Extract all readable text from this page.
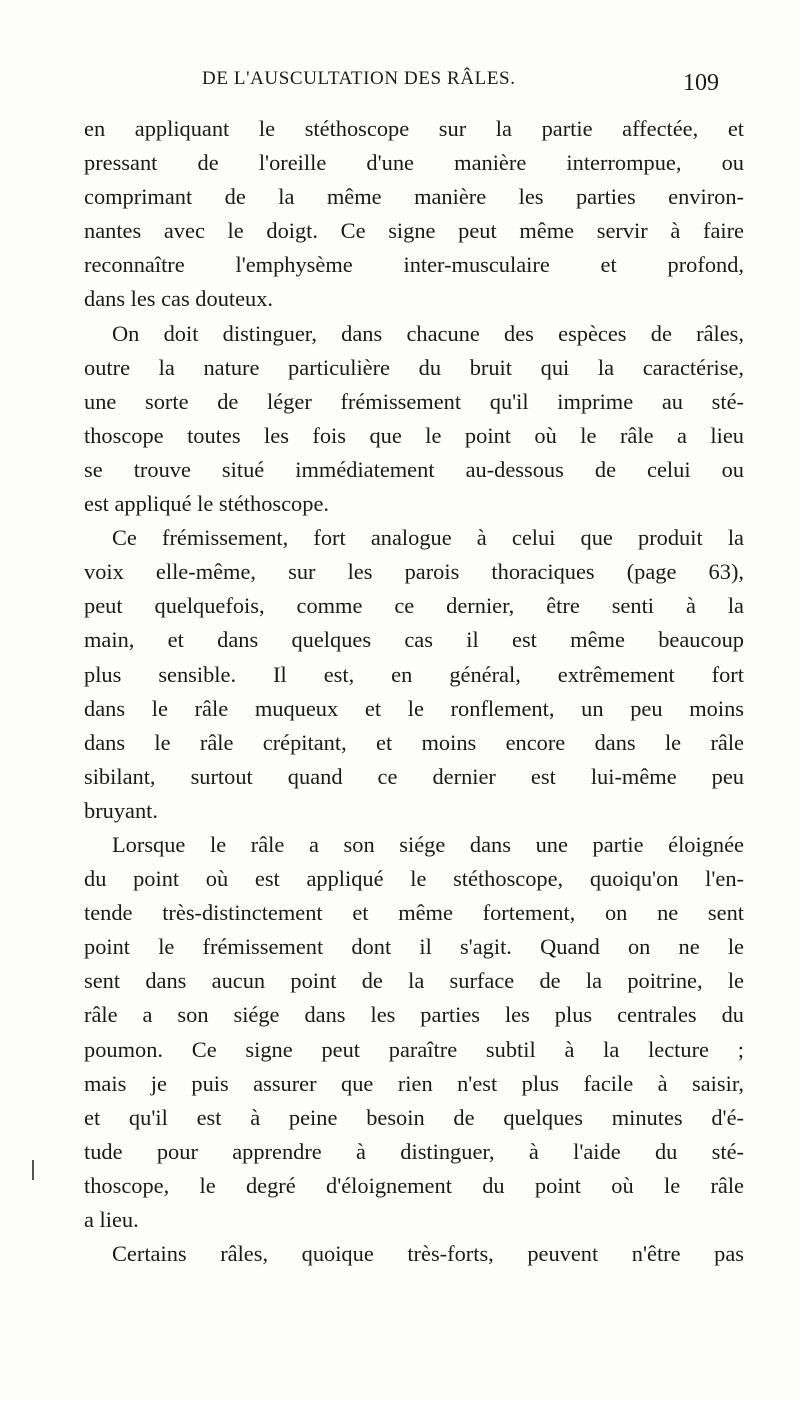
DE L'AUSCULTATION DES RÂLES.	109
en appliquant le stéthoscope sur la partie affectée, et
pressant de l'oreille d'une manière interrompue, ou
comprimant de la même manière les parties environ-
nantes avec le doigt. Ce signe peut même servir à faire
reconnaître l'emphysème inter-musculaire et profond,
dans les cas douteux.
On doit distinguer, dans chacune des espèces de râles,
outre la nature particulière du bruit qui la caractérise,
une sorte de léger frémissement qu'il imprime au sté-
thoscope toutes les fois que le point où le râle a lieu
se trouve situé immédiatement au-dessous de celui ou
est appliqué le stéthoscope.
Ce frémissement, fort analogue à celui que produit la
voix elle-même, sur les parois thoraciques (page 63),
peut quelquefois, comme ce dernier, être senti à la
main, et dans quelques cas il est même beaucoup
plus sensible. Il est, en général, extrêmement fort
dans le râle muqueux et le ronflement, un peu moins
dans le râle crépitant, et moins encore dans le râle
sibilant, surtout quand ce dernier est lui-même peu
bruyant.
Lorsque le râle a son siége dans une partie éloignée
du point où est appliqué le stéthoscope, quoiqu'on l'en-
tende très-distinctement et même fortement, on ne sent
point le frémissement dont il s'agit. Quand on ne le
sent dans aucun point de la surface de la poitrine, le
râle a son siége dans les parties les plus centrales du
poumon. Ce signe peut paraître subtil à la lecture ;
mais je puis assurer que rien n'est plus facile à saisir,
et qu'il est à peine besoin de quelques minutes d'é-
tude pour apprendre à distinguer, à l'aide du sté-
thoscope, le degré d'éloignement du point où le râle
a lieu.
Certains râles, quoique très-forts, peuvent n'être pas
